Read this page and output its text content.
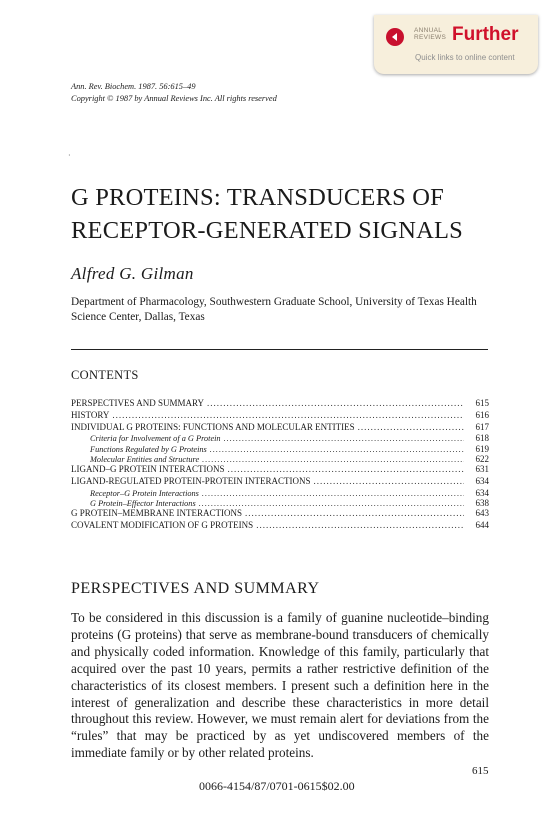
ANNUAL
REVIEWS Further
Quick links to online content
Ann. Rev. Biochem. 1987. 56:615–49
Copyright © 1987 by Annual Reviews Inc. All rights reserved
·
G PROTEINS: TRANSDUCERS OF
RECEPTOR-GENERATED SIGNALS
Alfred G. Gilman
Department of Pharmacology, Southwestern Graduate School, University of Texas Health Science Center, Dallas, Texas
CONTENTS
PERSPECTIVES AND SUMMARY .....	615
HISTORY .....	616
INDIVIDUAL G PROTEINS: FUNCTIONS AND MOLECULAR ENTITIES .....	617
Criteria for Involvement of a G Protein .....	618
Functions Regulated by G Proteins .....	619
Molecular Entities and Structure .....	622
LIGAND–G PROTEIN INTERACTIONS .....	631
LIGAND-REGULATED PROTEIN-PROTEIN INTERACTIONS .....	634
Receptor–G Protein Interactions .....	634
G Protein–Effector Interactions .....	638
G PROTEIN–MEMBRANE INTERACTIONS .....	643
COVALENT MODIFICATION OF G PROTEINS .....	644
PERSPECTIVES AND SUMMARY

To be considered in this discussion is a family of guanine nucleotide–binding proteins (G proteins) that serve as membrane-bound transducers of chemically and physically coded information. Knowledge of this family, particularly that acquired over the past 10 years, permits a rather restrictive definition of the characteristics of its closest members. I present such a definition here in the interest of generalization and describe these characteristics in more detail throughout this review. However, we must remain alert for deviations from the “rules” that may be practiced by as yet undiscovered members of the immediate family or by other related proteins.

615
0066-4154/87/0701-0615$02.00
